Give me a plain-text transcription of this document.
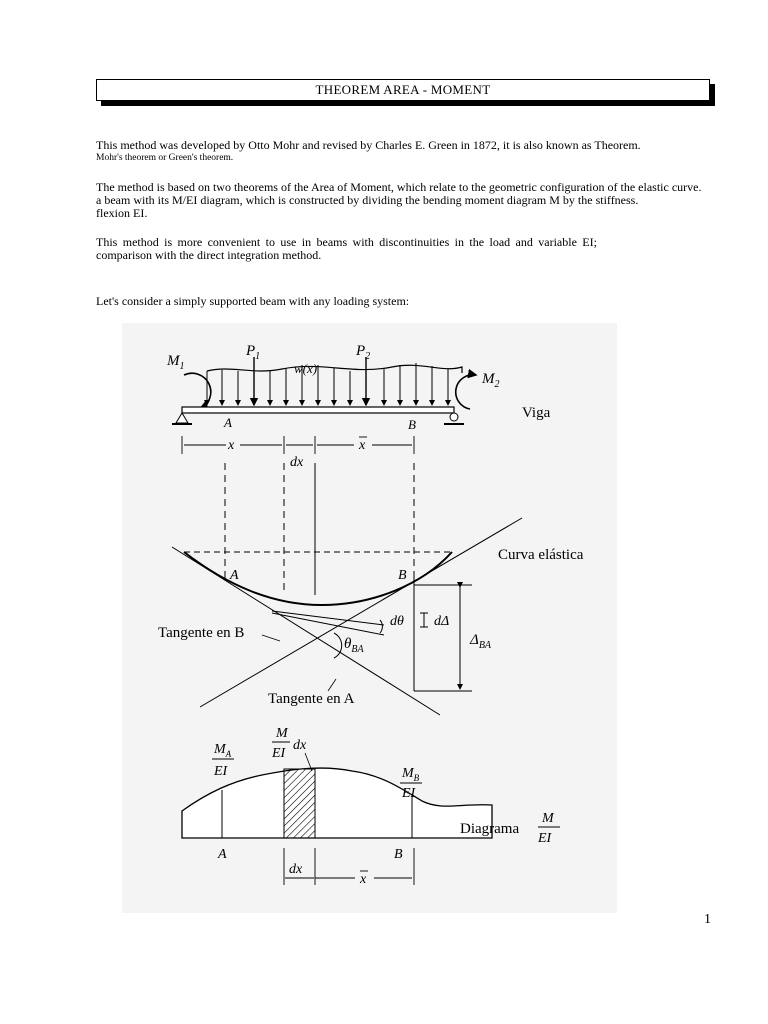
THEOREM AREA - MOMENT

This method was developed by Otto Mohr and revised by Charles E. Green in 1872, it is also known as Theorem.

Mohr's theorem or Green's theorem.

The method is based on two theorems of the Area of Moment, which relate to the geometric configuration of the elastic curve.
a beam with its M/EI diagram, which is constructed by dividing the bending moment diagram M by the stiffness.
flexion EI.

This method is more convenient to use in beams with discontinuities in the load and variable EI;
comparison with the direct integration method.

Let's consider a simply supported beam with any loading system:

$M_1$
$P_1$	$P_2$
w(x)
$M_2$
A	B
Viga
x
dx
x
A	B
Curva elástica
Tangente en B
Tangente en A
dθ dΔ
$\Delta_{BA}$
$\theta_{BA}$
$M_A$
EI
M
EI
dx
$M_B$
EI
Diagrama
M
EI
A	B
dx
x
1
